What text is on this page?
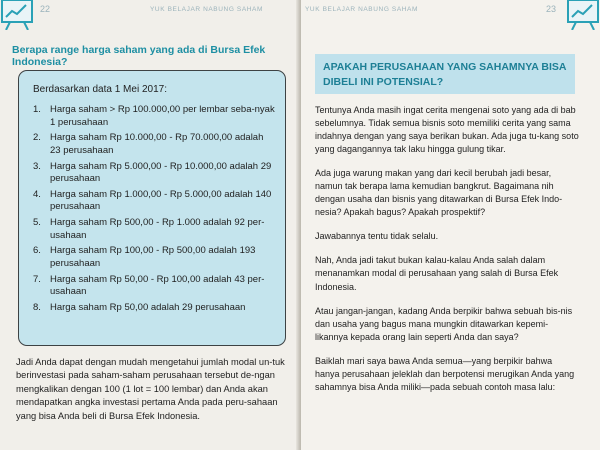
22	YUK BELAJAR NABUNG SAHAM
Berapa range harga saham yang ada di Bursa Efek Indonesia?
Berdasarkan data 1 Mei 2017:
1. Harga saham > Rp 100.000,00 per lembar seba-nyak 1 perusahaan
2. Harga saham Rp 10.000,00 - Rp 70.000,00 adalah 23 perusahaan
3. Harga saham Rp 5.000,00 - Rp 10.000,00 adalah 29 perusahaan
4. Harga saham Rp 1.000,00 - Rp 5.000,00 adalah 140 perusahaan
5. Harga saham Rp 500,00 - Rp 1.000 adalah 92 per-usahaan
6. Harga saham Rp 100,00 - Rp 500,00 adalah 193 perusahaan
7. Harga saham Rp 50,00 - Rp 100,00 adalah 43 per-usahaan
8. Harga saham Rp 50,00 adalah 29 perusahaan

Jadi Anda dapat dengan mudah mengetahui jumlah modal un-tuk berinvestasi pada saham-saham perusahaan tersebut de-ngan mengkalikan dengan 100 (1 lot = 100 lembar) dan Anda akan mendapatkan angka investasi pertama Anda pada peru-sahaan yang bisa Anda beli di Bursa Efek Indonesia.

YUK BELAJAR NABUNG SAHAM	23
APAKAH PERUSAHAAN YANG SAHAMNYA BISA DIBELI INI POTENSIAL?

Tentunya Anda masih ingat cerita mengenai soto yang ada di bab sebelumnya. Tidak semua bisnis soto memiliki cerita yang sama indahnya dengan yang saya berikan bukan. Ada juga tu-kang soto yang dagangannya tak laku hingga gulung tikar.

Ada juga warung makan yang dari kecil berubah jadi besar, namun tak berapa lama kemudian bangkrut. Bagaimana nih dengan usaha dan bisnis yang ditawarkan di Bursa Efek Indo-nesia? Apakah bagus? Apakah prospektif?

Jawabannya tentu tidak selalu.

Nah, Anda jadi takut bukan kalau-kalau Anda salah dalam menanamkan modal di perusahaan yang salah di Bursa Efek Indonesia.

Atau jangan-jangan, kadang Anda berpikir bahwa sebuah bis-nis dan usaha yang bagus mana mungkin ditawarkan kepemi-likannya kepada orang lain seperti Anda dan saya?

Baiklah mari saya bawa Anda semua—yang berpikir bahwa hanya perusahaan jeleklah dan berpotensi merugikan Anda yang sahamnya bisa Anda miliki—pada sebuah contoh masa lalu:
